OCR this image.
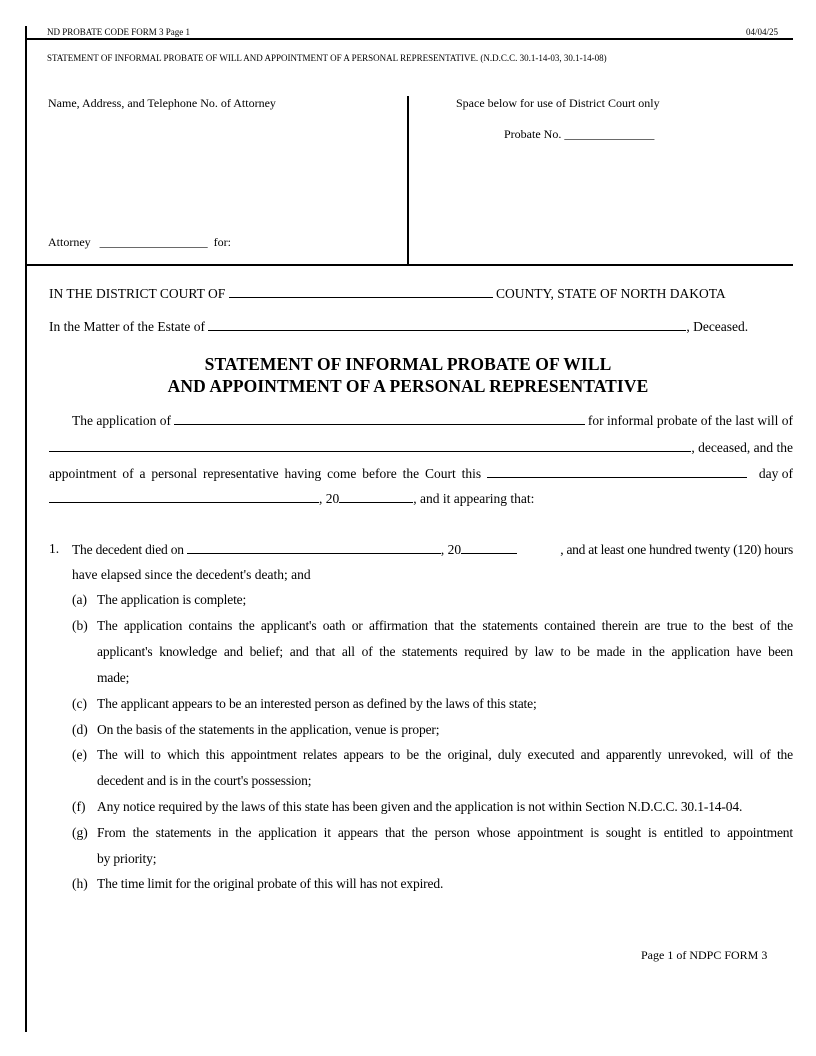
ND PROBATE CODE FORM 3 Page 1	04/04/25
STATEMENT OF INFORMAL PROBATE OF WILL AND APPOINTMENT OF A PERSONAL REPRESENTATIVE. (N.D.C.C. 30.1-14-03, 30.1-14-08)
Name, Address, and Telephone No. of Attorney	Space below for use of District Court only
Probate No. _______________
Attorney __________________ for:
IN THE DISTRICT COURT OF	COUNTY, STATE OF NORTH DAKOTA
In the Matter of the Estate of	, Deceased.
STATEMENT OF INFORMAL PROBATE OF WILL
AND APPOINTMENT OF A PERSONAL REPRESENTATIVE
The application of	for informal probate of the last will of
, deceased, and the
appointment of a personal representative having come before the Court this	day of
, 20	, and it appearing that:
1. The decedent died on	, 20	, and at least one hundred twenty (120) hours
have elapsed since the decedent's death; and
(a) The application is complete;
(b) The application contains the applicant's oath or affirmation that the statements contained therein are true to the best of the
applicant's knowledge and belief; and that all of the statements required by law to be made in the application have been
made;
(c) The applicant appears to be an interested person as defined by the laws of this state;
(d) On the basis of the statements in the application, venue is proper;
(e) The will to which this appointment relates appears to be the original, duly executed and apparently unrevoked, will of the
decedent and is in the court's possession;
(f) Any notice required by the laws of this state has been given and the application is not within Section N.D.C.C. 30.1-14-04.
(g) From the statements in the application it appears that the person whose appointment is sought is entitled to appointment
by priority;
(h) The time limit for the original probate of this will has not expired.
Page 1 of NDPC FORM 3
